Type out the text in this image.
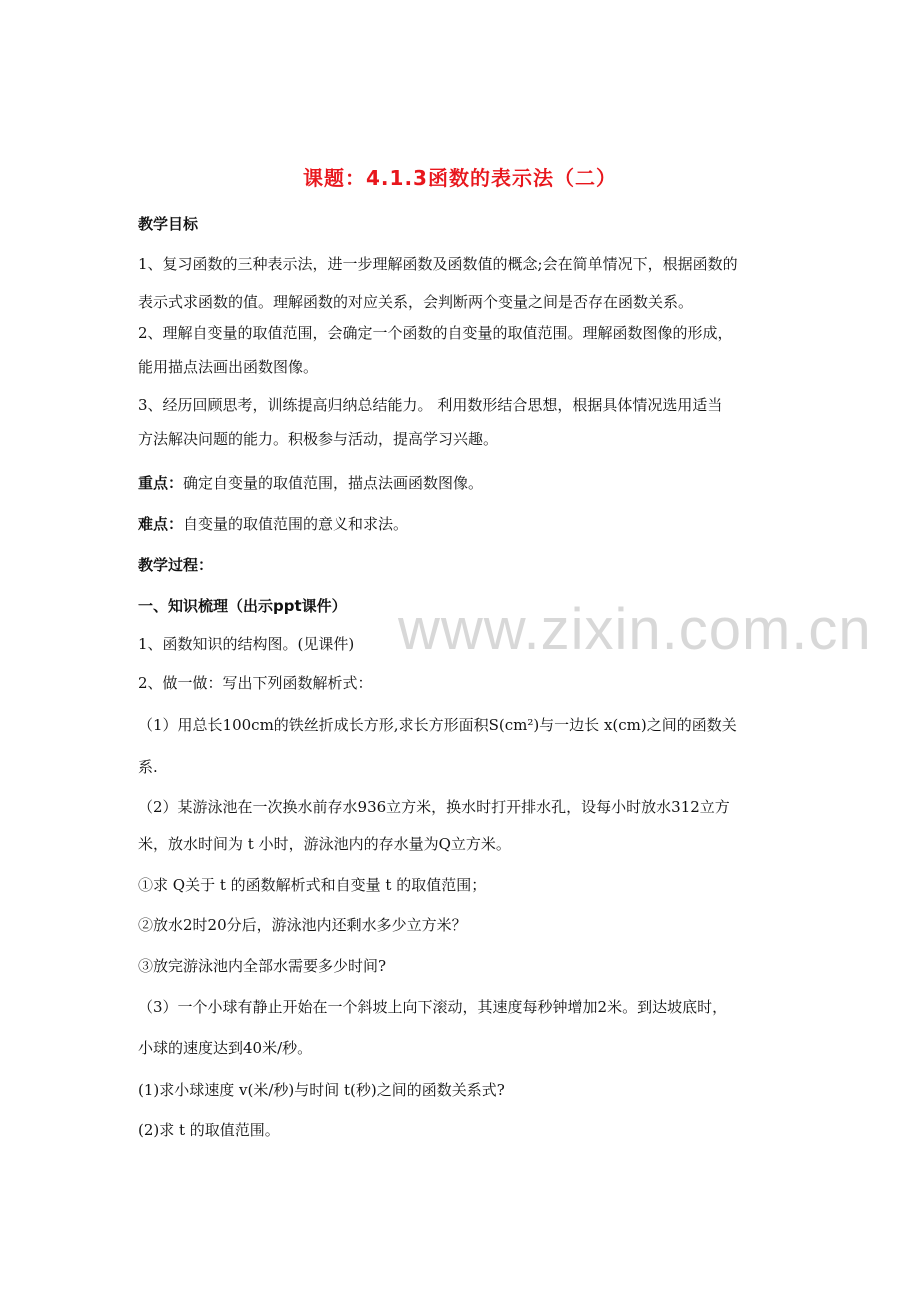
课题：4.1.3函数的表示法（二）
教学目标
1、复习函数的三种表示法，进一步理解函数及函数值的概念;会在简单情况下，根据函数的
表示式求函数的值。理解函数的对应关系，会判断两个变量之间是否存在函数关系。
2、理解自变量的取值范围，会确定一个函数的自变量的取值范围。理解函数图像的形成，
能用描点法画出函数图像。
3、经历回顾思考，训练提高归纳总结能力。 利用数形结合思想，根据具体情况选用适当
方法解决问题的能力。积极参与活动，提高学习兴趣。
重点：确定自变量的取值范围，描点法画函数图像。
难点：自变量的取值范围的意义和求法。
教学过程：
一、知识梳理（出示ppt课件）
1、函数知识的结构图。(见课件)
2、做一做：写出下列函数解析式：
（1）用总长100cm的铁丝折成长方形,求长方形面积S(cm²)与一边长 x(cm)之间的函数关
系.
（2）某游泳池在一次换水前存水936立方米，换水时打开排水孔，设每小时放水312立方
米，放水时间为 t 小时，游泳池内的存水量为Q立方米。
①求 Q关于 t 的函数解析式和自变量 t 的取值范围；
②放水2时20分后，游泳池内还剩水多少立方米？
③放完游泳池内全部水需要多少时间?
（3）一个小球有静止开始在一个斜坡上向下滚动，其速度每秒钟增加2米。到达坡底时，
小球的速度达到40米/秒。
(1)求小球速度 v(米/秒)与时间 t(秒)之间的函数关系式?
(2)求 t 的取值范围。
www.zixin.com.cn
